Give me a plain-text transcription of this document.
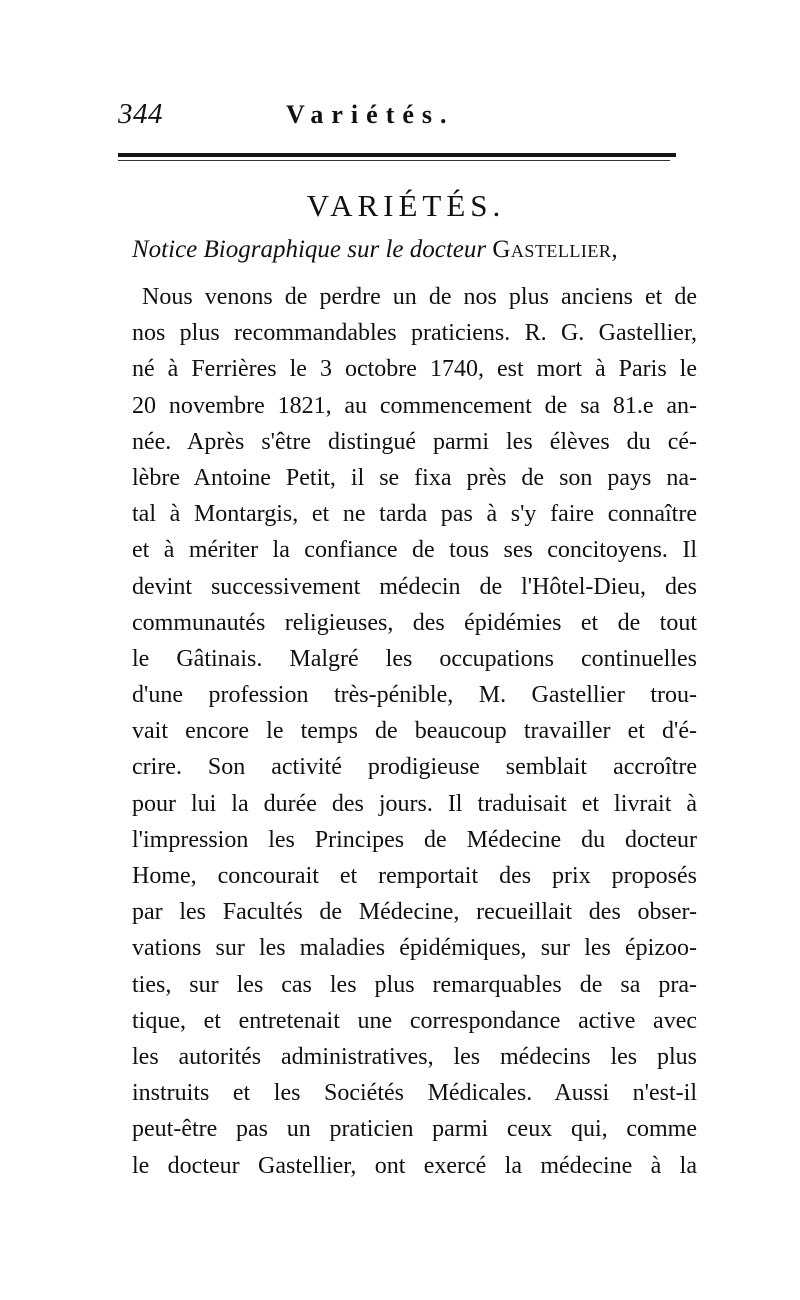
344	Variétés.
VARIÉTÉS.
Notice Biographique sur le docteur Gastellier,
Nous venons de perdre un de nos plus anciens et de
nos plus recommandables praticiens. R. G. Gastellier,
né à Ferrières le 3 octobre 1740, est mort à Paris le
20 novembre 1821, au commencement de sa 81.e an-
née. Après s'être distingué parmi les élèves du cé-
lèbre Antoine Petit, il se fixa près de son pays na-
tal à Montargis, et ne tarda pas à s'y faire connaître
et à mériter la confiance de tous ses concitoyens. Il
devint successivement médecin de l'Hôtel-Dieu, des
communautés religieuses, des épidémies et de tout
le Gâtinais. Malgré les occupations continuelles
d'une profession très-pénible, M. Gastellier trou-
vait encore le temps de beaucoup travailler et d'é-
crire. Son activité prodigieuse semblait accroître
pour lui la durée des jours. Il traduisait et livrait à
l'impression les Principes de Médecine du docteur
Home, concourait et remportait des prix proposés
par les Facultés de Médecine, recueillait des obser-
vations sur les maladies épidémiques, sur les épizoo-
ties, sur les cas les plus remarquables de sa pra-
tique, et entretenait une correspondance active avec
les autorités administratives, les médecins les plus
instruits et les Sociétés Médicales. Aussi n'est-il
peut-être pas un praticien parmi ceux qui, comme
le docteur Gastellier, ont exercé la médecine à la
